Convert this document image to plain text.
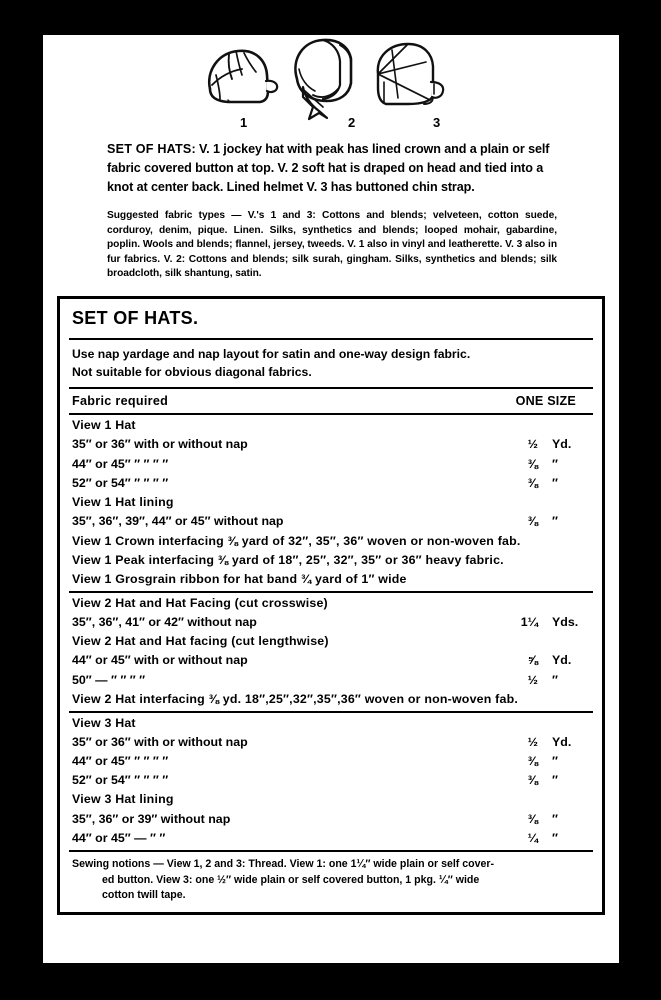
1	2	3
SET OF HATS: V. 1 jockey hat with peak has lined crown and a plain or self fabric covered button at top. V. 2 soft hat is draped on head and tied into a knot at center back. Lined helmet V. 3 has buttoned chin strap.
Suggested fabric types — V.'s 1 and 3: Cottons and blends; velveteen, cotton suede, corduroy, denim, pique. Linen. Silks, synthetics and blends; looped mohair, gabardine, poplin. Wools and blends; flannel, jersey, tweeds. V. 1 also in vinyl and leatherette. V. 3 also in fur fabrics. V. 2: Cottons and blends; silk surah, gingham. Silks, synthetics and blends; silk broadcloth, silk shantung, satin.
SET OF HATS.
Use nap yardage and nap layout for satin and one-way design fabric.
Not suitable for obvious diagonal fabrics.
Fabric required	ONE SIZE
View 1 Hat
35″ or 36″ with or without nap	½	Yd.
44″ or 45″ ″ ″ ″ ″	⅜	″
52″ or 54″ ″ ″ ″ ″	⅜	″
View 1 Hat lining
35″, 36″, 39″, 44″ or 45″ without nap	⅜	″
View 1 Crown interfacing ⅜ yard of 32″, 35″, 36″ woven or non-woven fab.
View 1 Peak interfacing ⅜ yard of 18″, 25″, 32″, 35″ or 36″ heavy fabric.
View 1 Grosgrain ribbon for hat band ¾ yard of 1″ wide
View 2 Hat and Hat Facing (cut crosswise)
35″, 36″, 41″ or 42″ without nap	1¼	Yds.
View 2 Hat and Hat facing (cut lengthwise)
44″ or 45″ with or without nap	⅝	Yd.
50″ — ″ ″ ″ ″	½	″
View 2 Hat interfacing ⅜ yd. 18″,25″,32″,35″,36″ woven or non-woven fab.
View 3 Hat
35″ or 36″ with or without nap	½	Yd.
44″ or 45″ ″ ″ ″ ″	⅜	″
52″ or 54″ ″ ″ ″ ″	⅜	″
View 3 Hat lining
35″, 36″ or 39″ without nap	⅜	″
44″ or 45″ — ″ ″	¼	″
Sewing notions — View 1, 2 and 3: Thread. View 1: one 1¼″ wide plain or self cover-
ed button. View 3: one ½″ wide plain or self covered button, 1 pkg. ¼″ wide
cotton twill tape.
